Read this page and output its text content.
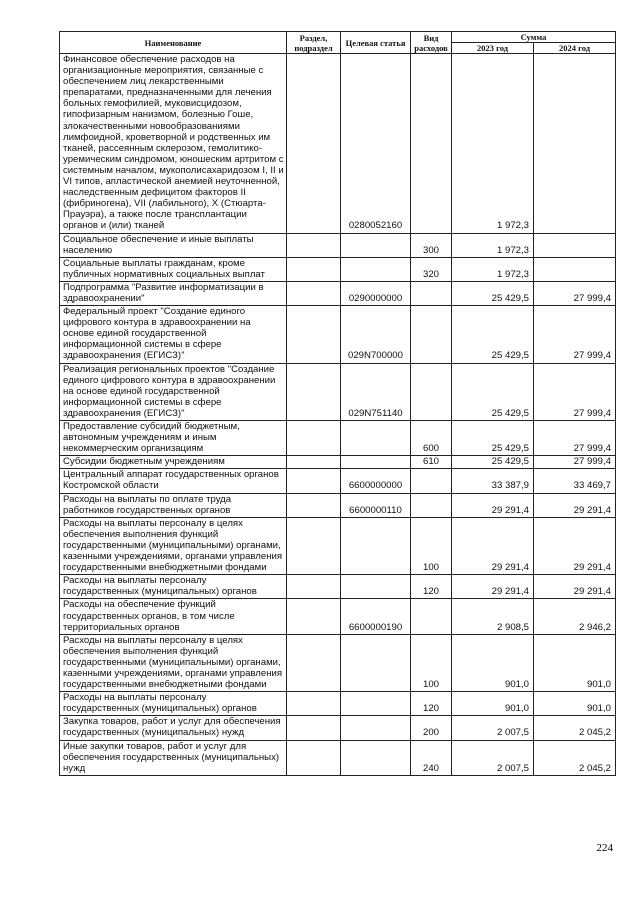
Наименование	Раздел, подраздел	Целевая статья	Вид расходов	Сумма	
				2023 год	2024 год
Финансовое обеспечение расходов на организационные мероприятия, связанные с обеспечением лиц лекарственными препаратами, предназначенными для лечения больных гемофилией, муковисцидозом, гипофизарным нанизмом, болезнью Гоше, злокачественными новообразованиями лимфоидной, кроветворной и родственных им тканей, рассеянным склерозом, гемолитико-уремическим синдромом, юношеским артритом с системным началом, мукополисахаридозом I, II и VI типов, апластической анемией неуточненной, наследственным дефицитом факторов II (фибриногена), VII (лабильного), X (Стюарта-Прауэра), а также после трансплантации органов и (или) тканей		0280052160		1 972,3	
Социальное обеспечение и иные выплаты населению			300	1 972,3	
Социальные выплаты гражданам, кроме публичных нормативных социальных выплат			320	1 972,3	
Подпрограмма "Развитие информатизации в здравоохранении"		0290000000		25 429,5	27 999,4
Федеральный проект "Создание единого цифрового контура в здравоохранении на основе единой государственной информационной системы в сфере здравоохранения (ЕГИСЗ)"		029N700000		25 429,5	27 999,4
Реализация региональных проектов "Создание единого цифрового контура в здравоохранении на основе единой государственной информационной системы в сфере здравоохранения (ЕГИСЗ)"		029N751140		25 429,5	27 999,4
Предоставление субсидий бюджетным, автономным учреждениям и иным некоммерческим организациям			600	25 429,5	27 999,4
Субсидии бюджетным учреждениям			610	25 429,5	27 999,4
Центральный аппарат государственных органов Костромской области		6600000000		33 387,9	33 469,7
Расходы на выплаты по оплате труда работников государственных органов		6600000110		29 291,4	29 291,4
Расходы на выплаты персоналу в целях обеспечения выполнения функций государственными (муниципальными) органами, казенными учреждениями, органами управления государственными внебюджетными фондами			100	29 291,4	29 291,4
Расходы на выплаты персоналу государственных (муниципальных) органов			120	29 291,4	29 291,4
Расходы на обеспечение функций государственных органов, в том числе территориальных органов		6600000190		2 908,5	2 946,2
Расходы на выплаты персоналу в целях обеспечения выполнения функций государственными (муниципальными) органами, казенными учреждениями, органами управления государственными внебюджетными фондами			100	901,0	901,0
Расходы на выплаты персоналу государственных (муниципальных) органов			120	901,0	901,0
Закупка товаров, работ и услуг для обеспечения государственных (муниципальных) нужд			200	2 007,5	2 045,2
Иные закупки товаров, работ и услуг для обеспечения государственных (муниципальных) нужд			240	2 007,5	2 045,2
224
